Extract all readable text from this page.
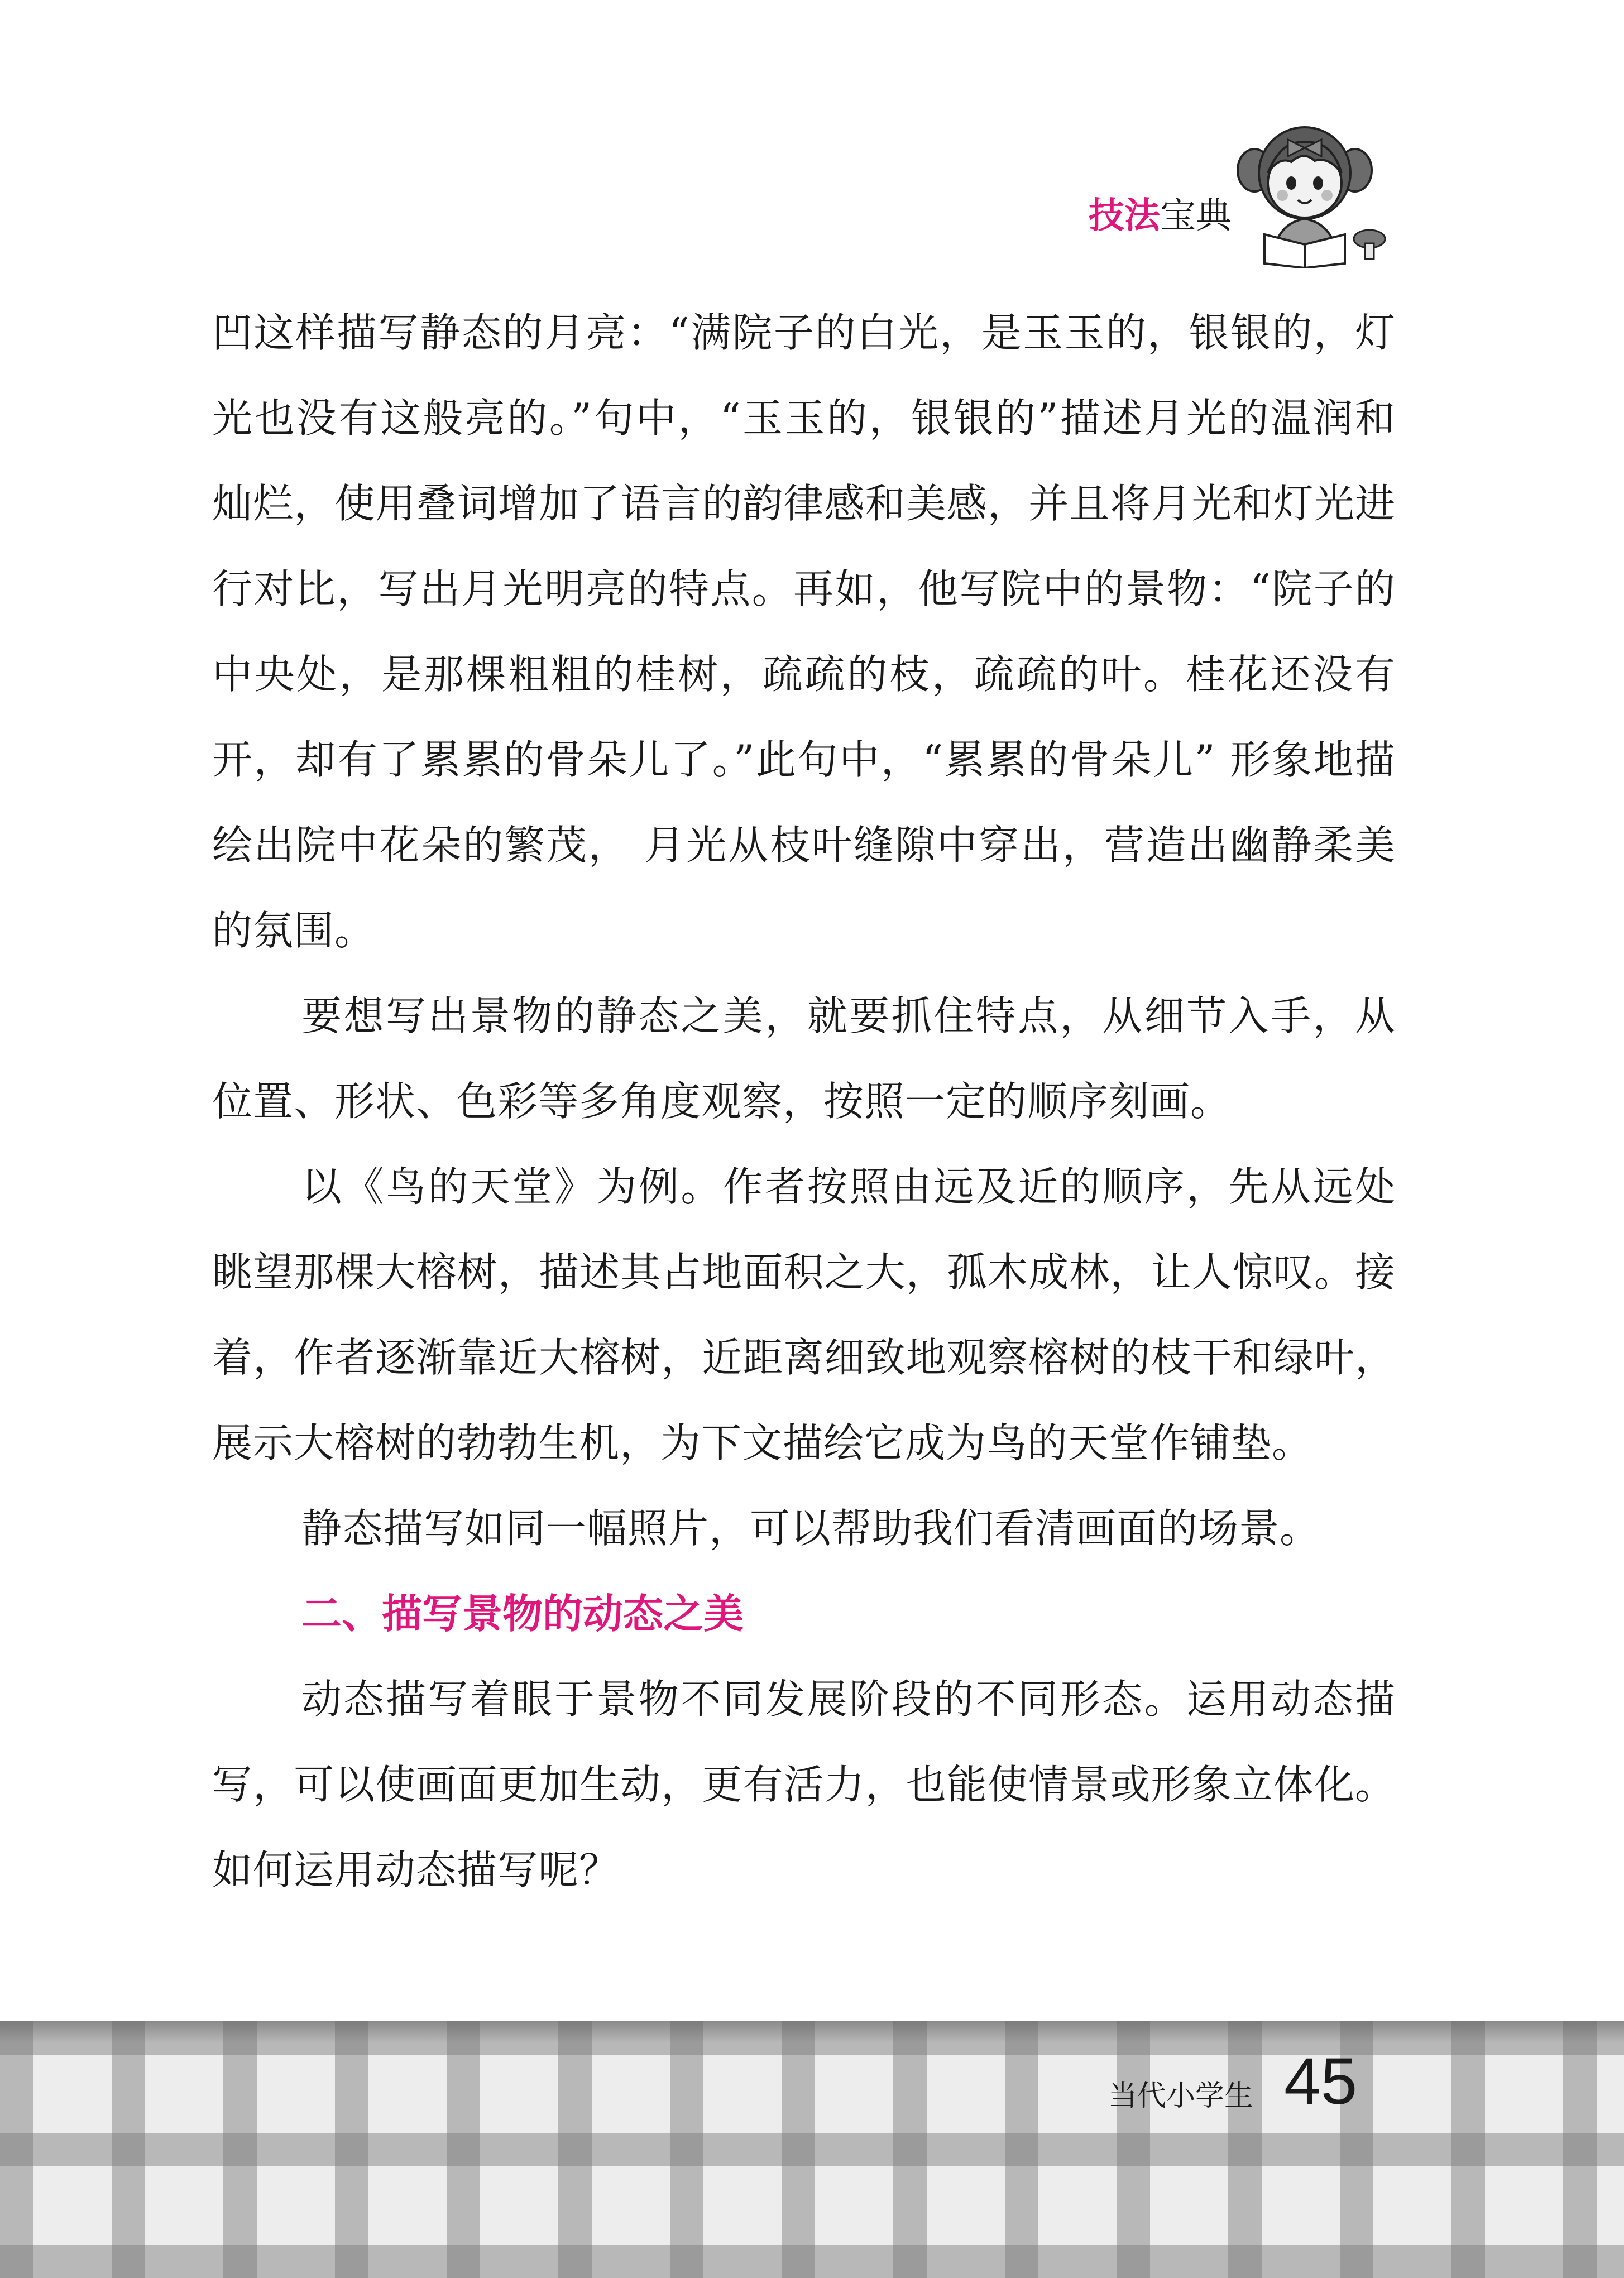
技法宝典

凹这样描写静态的月亮：“满院子的白光，是玉玉的，银银的，灯光也没有这般亮的。”句中，“玉玉的，银银的”描述月光的温润和灿烂，使用叠词增加了语言的韵律感和美感，并且将月光和灯光进行对比，写出月光明亮的特点。再如，他写院中的景物：“院子的中央处，是那棵粗粗的桂树，疏疏的枝，疏疏的叶。桂花还没有开，却有了累累的骨朵儿了。”此句中，“累累的骨朵儿” 形象地描绘出院中花朵的繁茂， 月光从枝叶缝隙中穿出，营造出幽静柔美的氛围。

要想写出景物的静态之美，就要抓住特点，从细节入手，从位置、形状、色彩等多角度观察，按照一定的顺序刻画。

以《鸟的天堂》为例。作者按照由远及近的顺序，先从远处眺望那棵大榕树，描述其占地面积之大，孤木成林，让人惊叹。接着，作者逐渐靠近大榕树，近距离细致地观察榕树的枝干和绿叶，展示大榕树的勃勃生机，为下文描绘它成为鸟的天堂作铺垫。

静态描写如同一幅照片，可以帮助我们看清画面的场景。

二、描写景物的动态之美

动态描写着眼于景物不同发展阶段的不同形态。运用动态描写，可以使画面更加生动，更有活力，也能使情景或形象立体化。如何运用动态描写呢？

当代小学生 45
